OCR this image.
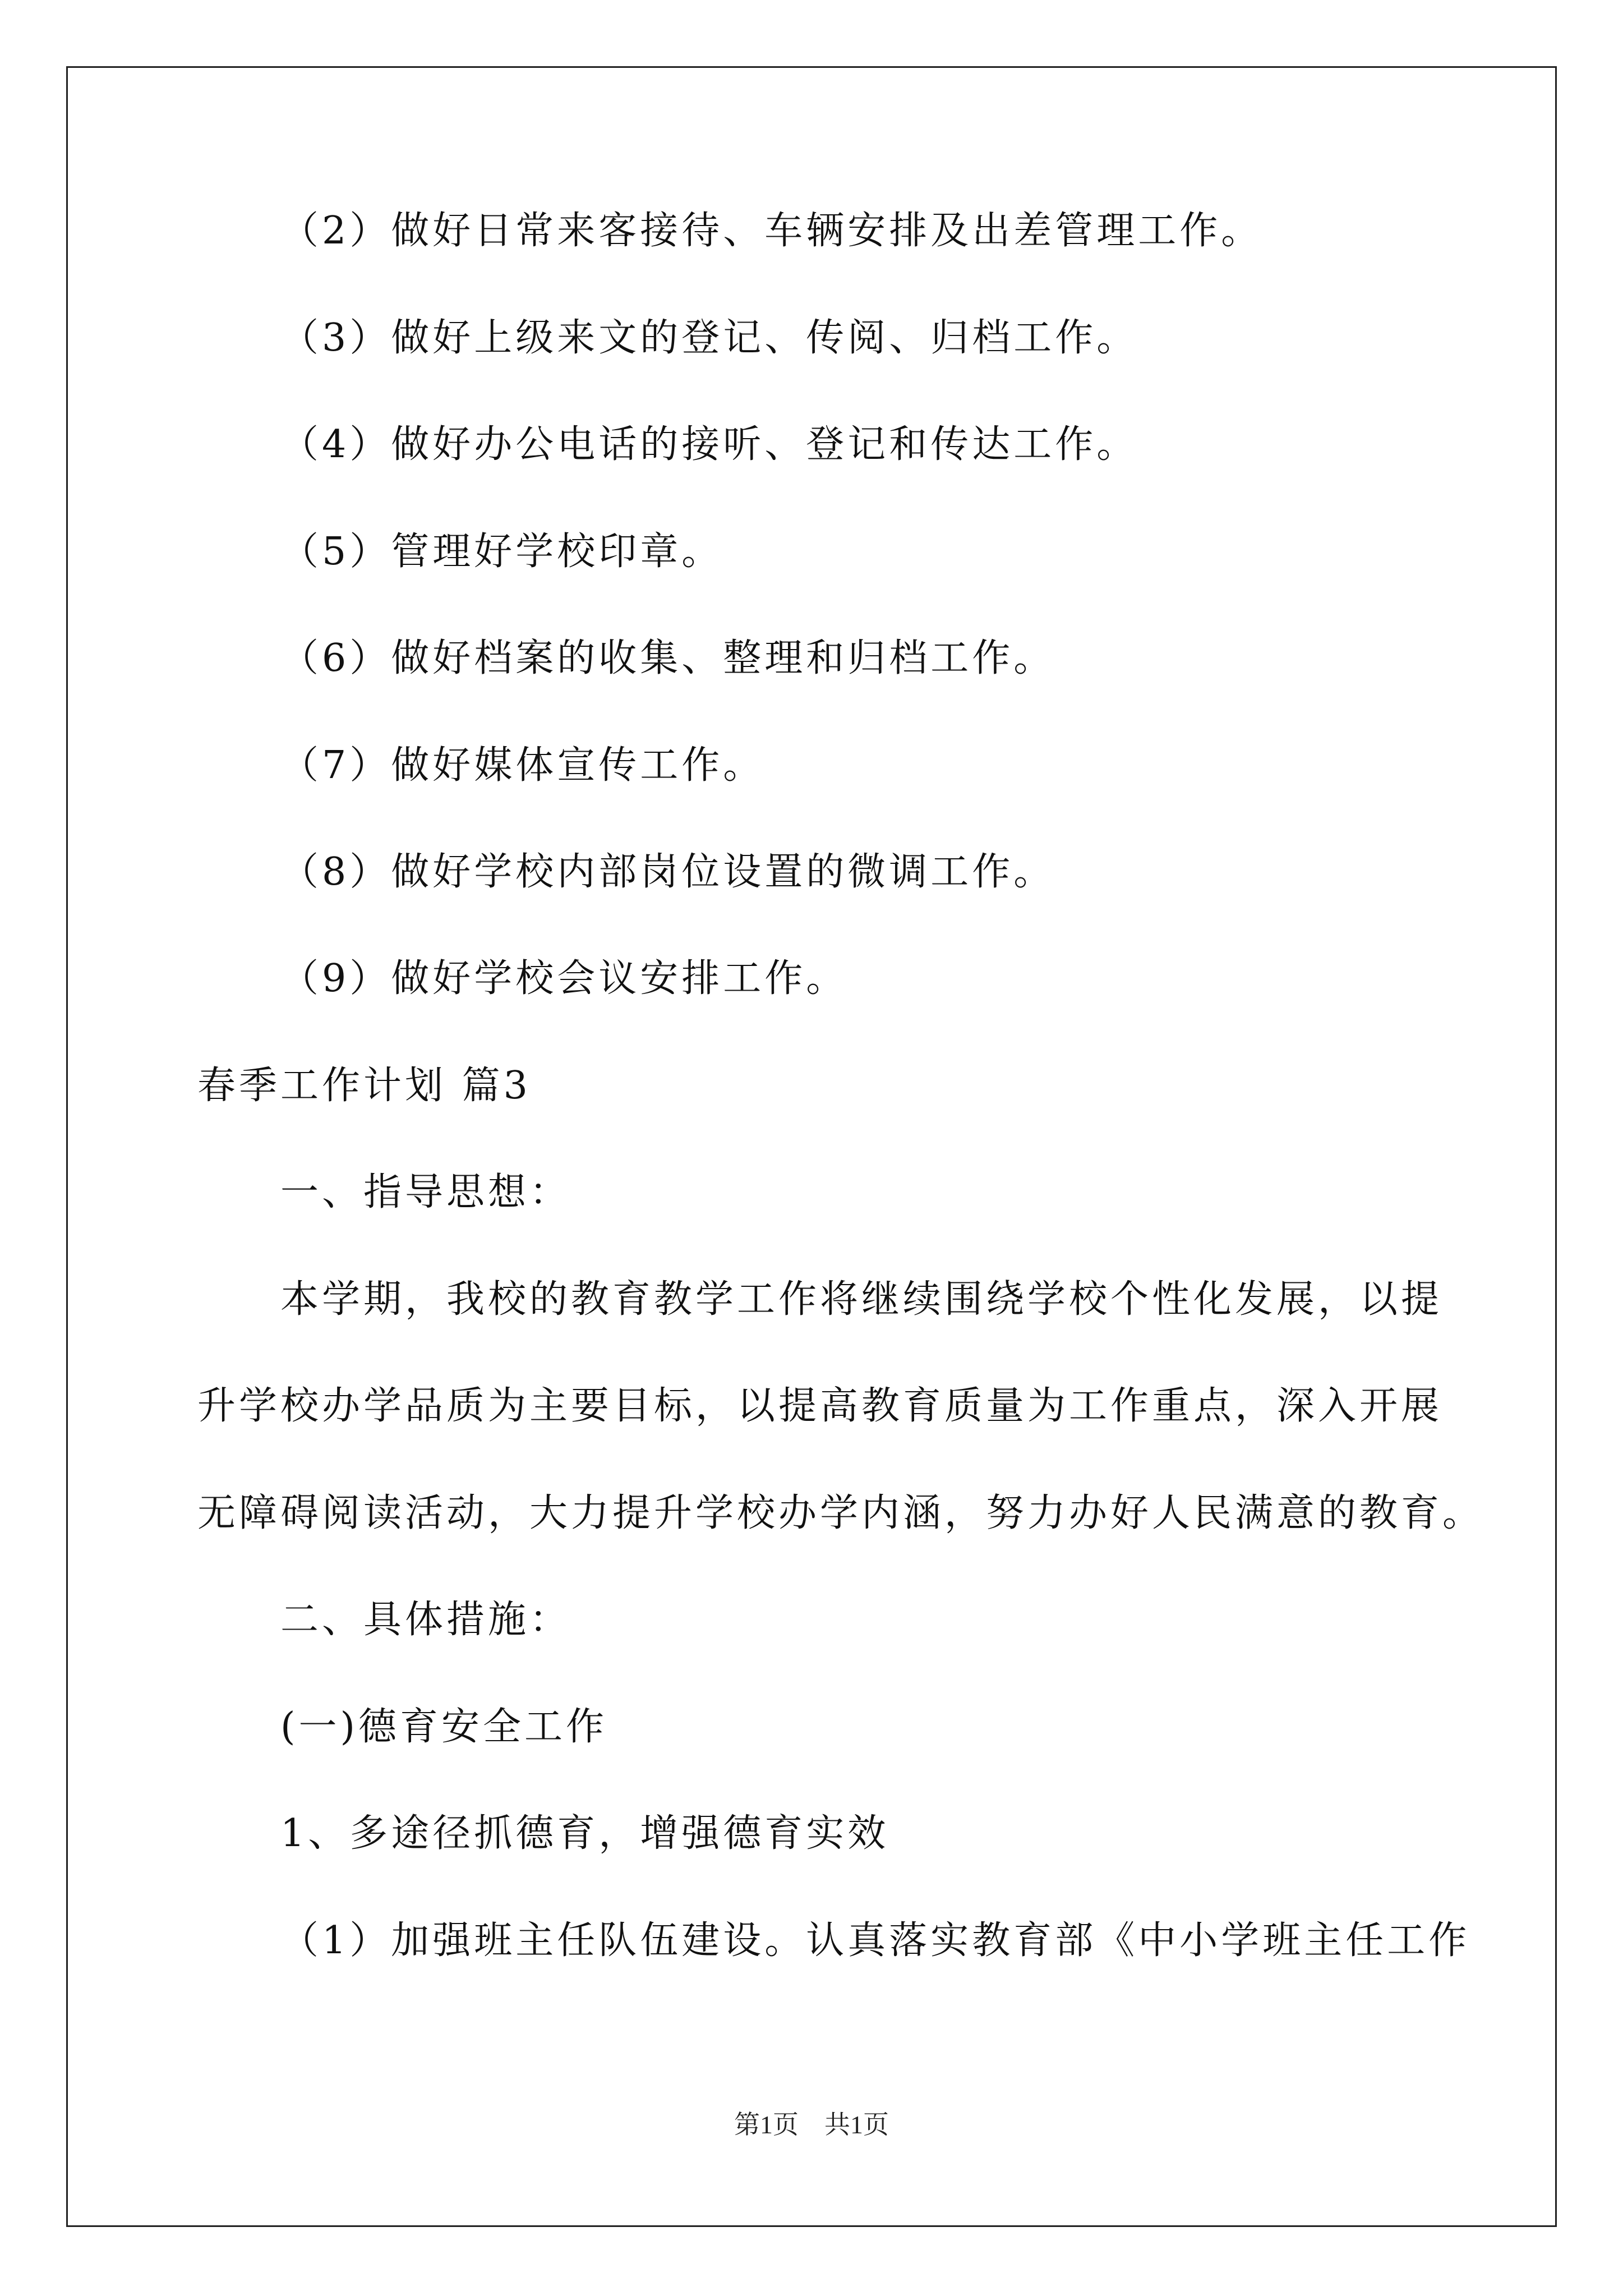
（2）做好日常来客接待、车辆安排及出差管理工作。
（3）做好上级来文的登记、传阅、归档工作。
（4）做好办公电话的接听、登记和传达工作。
（5）管理好学校印章。
（6）做好档案的收集、整理和归档工作。
（7）做好媒体宣传工作。
（8）做好学校内部岗位设置的微调工作。
（9）做好学校会议安排工作。
春季工作计划 篇3
一、指导思想：
本学期，我校的教育教学工作将继续围绕学校个性化发展，以提
升学校办学品质为主要目标，以提高教育质量为工作重点，深入开展
无障碍阅读活动，大力提升学校办学内涵，努力办好人民满意的教育。
二、具体措施：
(一)德育安全工作
1、多途径抓德育，增强德育实效
（1）加强班主任队伍建设。认真落实教育部《中小学班主任工作
第1页　共1页
